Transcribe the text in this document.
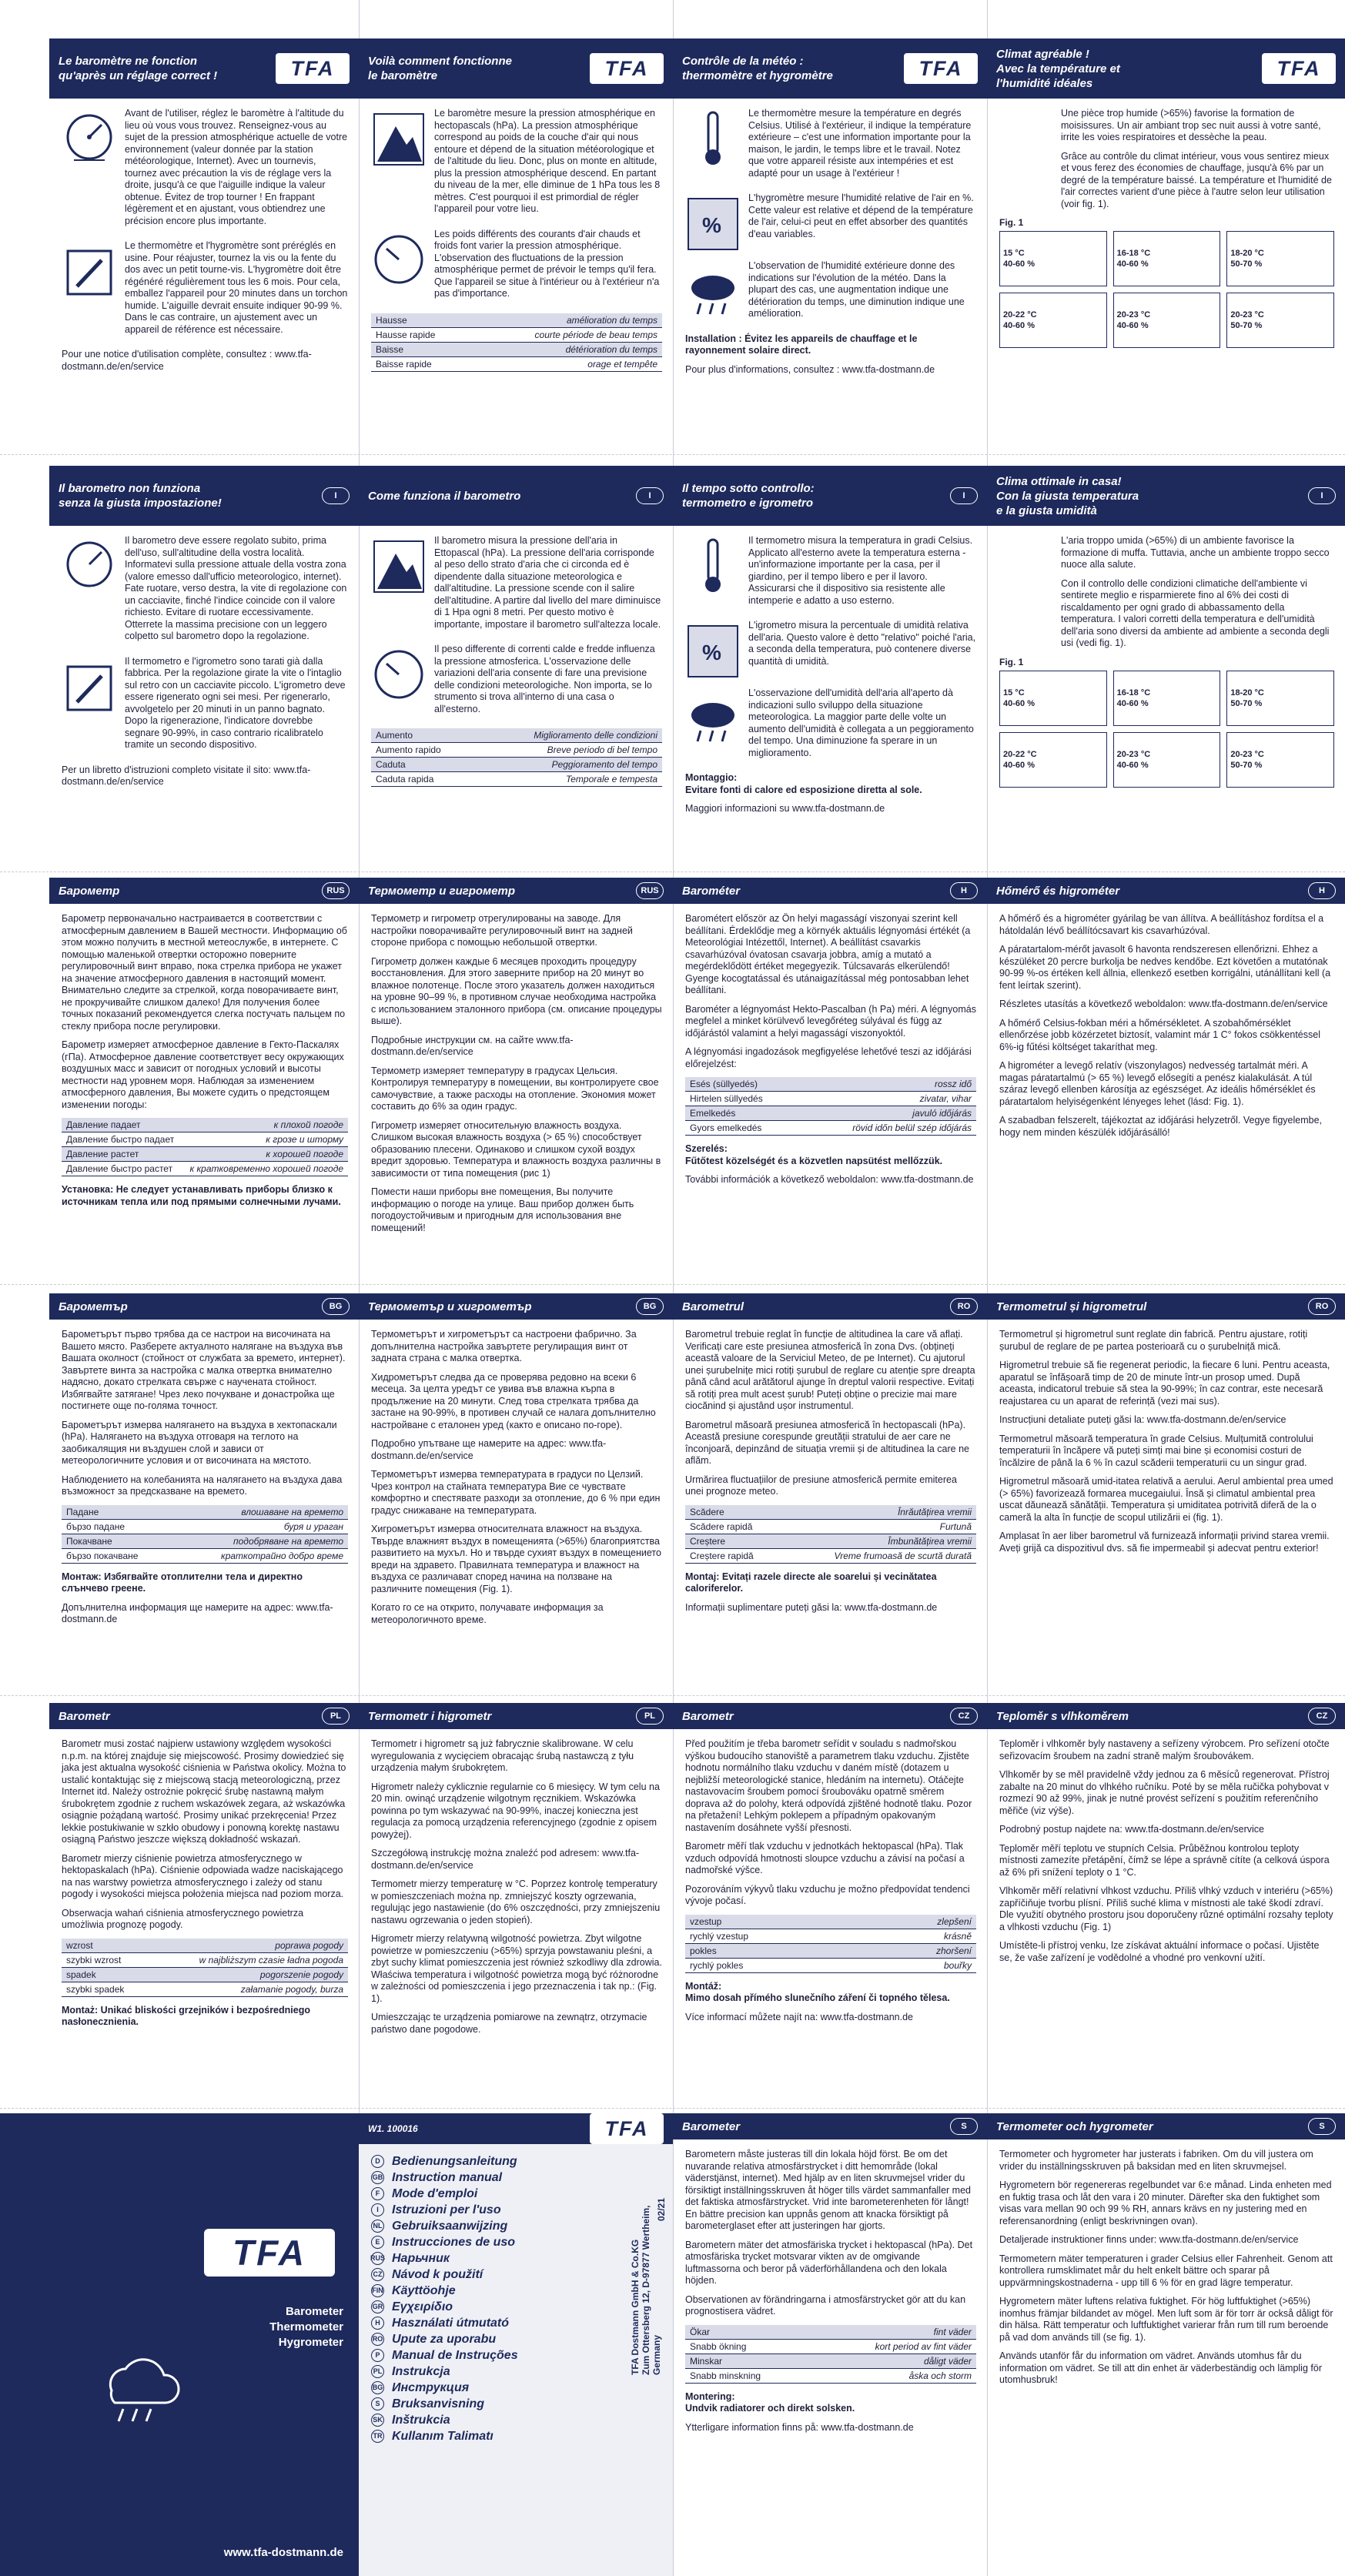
Le baromètre ne fonction
qu'après un réglage correct !	TFA

Avant de l'utiliser, réglez le baromètre à l'altitude du lieu où vous vous trouvez. Renseignez-vous au sujet de la pression atmosphérique actuelle de votre environnement (valeur donnée par la station météorologique, Internet). Avec un tournevis, tournez avec précaution la vis de réglage vers la droite, jusqu'à ce que l'aiguille indique la valeur obtenue. Évitez de trop tourner ! En frappant légèrement et en ajustant, vous obtiendrez une précision encore plus importante.

Le thermomètre et l'hygromètre sont préréglés en usine. Pour réajuster, tournez la vis ou la fente du dos avec un petit tourne-vis. L'hygromètre doit être régénéré régulièrement tous les 6 mois. Pour cela, emballez l'appareil pour 20 minutes dans un torchon humide. L'aiguille devrait ensuite indiquer 90-99 %. Dans le cas contraire, un ajustement avec un appareil de référence est nécessaire.

Pour une notice d'utilisation complète, consultez : www.tfa-dostmann.de/en/service

Voilà comment fonctionne
le baromètre	TFA

Le baromètre mesure la pression atmosphérique en hectopascals (hPa). La pression atmosphérique correspond au poids de la couche d'air qui nous entoure et dépend de la situation météorologique et de l'altitude du lieu. Donc, plus on monte en altitude, plus la pression atmosphérique descend. En partant du niveau de la mer, elle diminue de 1 hPa tous les 8 mètres. C'est pourquoi il est primordial de régler l'appareil pour votre lieu.

Les poids différents des courants d'air chauds et froids font varier la pression atmosphérique. L'observation des fluctuations de la pression atmosphérique permet de prévoir le temps qu'il fera. Que l'appareil se situe à l'intérieur ou à l'extérieur n'a pas d'importance.

Hausse	amélioration du temps
Hausse rapide	courte période de beau temps
Baisse	détérioration du temps
Baisse rapide	orage et tempête
Contrôle de la météo :
thermomètre et hygromètre	TFA

Le thermomètre mesure la température en degrés Celsius. Utilisé à l'extérieur, il indique la température extérieure – c'est une information importante pour la maison, le jardin, le temps libre et le travail. Notez que votre appareil résiste aux intempéries et est adapté pour un usage à l'extérieur !

%

L'hygromètre mesure l'humidité relative de l'air en %. Cette valeur est relative et dépend de la température de l'air, celui-ci peut en effet absorber des quantités d'eau variables.

L'observation de l'humidité extérieure donne des indications sur l'évolution de la météo. Dans la plupart des cas, une augmentation indique une détérioration du temps, une diminution indique une amélioration.

Installation : Évitez les appareils de chauffage et le rayonnement solaire direct.

Pour plus d'informations, consultez : www.tfa-dostmann.de

Climat agréable !
Avec la température et
l'humidité idéales
TFA

Une pièce trop humide (>65%) favorise la formation de moisissures. Un air ambiant trop sec nuit aussi à votre santé, irrite les voies respiratoires et dessèche la peau.

Grâce au contrôle du climat intérieur, vous vous sentirez mieux et vous ferez des économies de chauffage, jusqu'à 6% par un degré de la température baissé. La température et l'humidité de l'air correctes varient d'une pièce à l'autre selon leur utilisation (voir fig. 1).

Fig. 1
15 °C
40-60 %
16-18 °C
40-60 %
18-20 °C
50-70 %
20-22 °C
40-60 %
20-23 °C
40-60 %
20-23 °C
50-70 %
Il barometro non funziona
senza la giusta impostazione!
I

Il barometro deve essere regolato subito, prima dell'uso, sull'altitudine della vostra località. Informatevi sulla pressione attuale della vostra zona (valore emesso dall'ufficio meteorologico, internet). Fate ruotare, verso destra, la vite di regolazione con un cacciavite, finché l'indice coincide con il valore richiesto. Evitare di ruotare eccessivamente. Otterrete la massima precisione con un leggero colpetto sul barometro dopo la regolazione.

Il termometro e l'igrometro sono tarati già dalla fabbrica. Per la regolazione girate la vite o l'intaglio sul retro con un cacciavite piccolo. L'igrometro deve essere rigenerato ogni sei mesi. Per rigenerarlo, avvolgetelo per 20 minuti in un panno bagnato. Dopo la rigenerazione, l'indicatore dovrebbe segnare 90-99%, in caso contrario ricalibratelo tramite un secondo dispositivo.

Per un libretto d'istruzioni completo visitate il sito: www.tfa-dostmann.de/en/service

Come funziona il barometro	I

Il barometro misura la pressione dell'aria in Ettopascal (hPa). La pressione dell'aria corrisponde al peso dello strato d'aria che ci circonda ed è dipendente dalla situazione meteorologica e dall'altitudine. La pressione scende con il salire dell'altitudine. A partire dal livello del mare diminuisce di 1 Hpa ogni 8 metri. Per questo motivo è importante, impostare il barometro sull'altezza locale.

Il peso differente di correnti calde e fredde influenza la pressione atmosferica. L'osservazione delle variazioni dell'aria consente di fare una previsione delle condizioni meteorologiche. Non importa, se lo strumento si trova all'interno di una casa o all'esterno.

Aumento	Miglioramento delle condizioni
Aumento rapido	Breve periodo di bel tempo
Caduta	Peggioramento del tempo
Caduta rapida	Temporale e tempesta
Il tempo sotto controllo:
termometro e igrometro
I

Il termometro misura la temperatura in gradi Celsius. Applicato all'esterno avete la temperatura esterna - un'informazione importante per la casa, per il giardino, per il tempo libero e per il lavoro. Assicurarsi che il dispositivo sia resistente alle intemperie e adatto a uso esterno.

%

L'igrometro misura la percentuale di umidità relativa dell'aria. Questo valore è detto "relativo" poiché l'aria, a seconda della temperatura, può contenere diverse quantità di umidità.

L'osservazione dell'umidità dell'aria all'aperto dà indicazioni sullo sviluppo della situazione meteorologica. La maggior parte delle volte un aumento dell'umidità è collegata a un peggioramento del tempo. Una diminuzione fa sperare in un miglioramento.

Montaggio:
Evitare fonti di calore ed esposizione diretta al sole.

Maggiori informazioni su www.tfa-dostmann.de

Clima ottimale in casa!
Con la giusta temperatura
e la giusta umidità
I

L'aria troppo umida (>65%) di un ambiente favorisce la formazione di muffa. Tuttavia, anche un ambiente troppo secco nuoce alla salute.

Con il controllo delle condizioni climatiche dell'ambiente vi sentirete meglio e risparmierete fino al 6% dei costi di riscaldamento per ogni grado di abbassamento della temperatura. I valori corretti della temperatura e dell'umidità dell'aria sono diversi da ambiente ad ambiente a seconda degli usi (vedi fig. 1).

Fig. 1
15 °C
40-60 %
16-18 °C
40-60 %
18-20 °C
50-70 %
20-22 °C
40-60 %
20-23 °C
40-60 %
20-23 °C
50-70 %
Барометр	RUS

Барометр первоначально настраивается в соответствии с атмосферным давлением в Вашей местности. Информацию об этом можно получить в местной метеослужбе, в интернете. С помощью маленькой отвертки осторожно поверните регулировочный винт вправо, пока стрелка прибора не укажет на значение атмосферного давления в настоящий момент. Внимательно следите за стрелкой, когда поворачиваете винт, не прокручивайте слишком далеко! Для получения более точных показаний рекомендуется слегка постучать пальцем по стеклу прибора после регулировки.

Барометр измеряет атмосферное давление в Гекто-Паскалях (гПа). Атмосферное давление соответствует весу окружающих воздушных масс и зависит от погодных условий и высоты местности над уровнем моря. Наблюдая за изменением атмосферного давления, Вы можете судить о предстоящем изменении погоды:

Давление падает	к плохой погоде
Давление быстро падает	к грозе и шторму
Давление растет	к хорошей погоде
Давление быстро растет	к кратковременно хорошей погоде

Установка: Не следует устанавливать приборы близко к источникам тепла или под прямыми солнечными лучами.

Термометр и гигрометр	RUS

Термометр и гигрометр отрегулированы на заводе. Для настройки поворачивайте регулировочный винт на задней стороне прибора с помощью небольшой отвертки.

Гигрометр должен каждые 6 месяцев проходить процедуру восстановления. Для этого заверните прибор на 20 минут во влажное полотенце. После этого указатель должен находиться на уровне 90–99 %, в противном случае необходима настройка с использованием эталонного прибора (см. описание процедуры выше).

Подробные инструкции см. на сайте www.tfa-dostmann.de/en/service

Термометр измеряет температуру в градусах Цельсия. Контролируя температуру в помещении, вы контролируете свое самочувствие, а также расходы на отопление. Экономия может составить до 6% за один градус.

Гигрометр измеряет относительную влажность воздуха. Слишком высокая влажность воздуха (> 65 %) способствует образованию плесени. Одинаково и слишком сухой воздух вредит здоровью. Температура и влажность воздуха различны в зависимости от типа помещения (рис 1)

Помести наши приборы вне помещения, Вы получите информацию о погоде на улице. Ваш прибор должен быть погодоустойчивым и пригодным для использования вне помещений!

Barométer	H

Barométert először az Ön helyi magasságí viszonyai szerint kell beállítani. Érdeklődje meg a környék aktuális légnyomási értékét (a Meteorológiai Intézettől, Internet). A beállítást csavarkis csavarhúzóval óvatosan csavarja jobbra, amíg a mutató a megérdeklődött értéket megegyezik. Túlcsavarás elkerülendő! Gyenge kocogtatással és utánaigazítással még pontosabban lehet beállítani.

Barométer a légnyomást Hekto-Pascalban (h Pa) méri. A légnyomás megfelel a minket körülvevő levegőréteg súlyával és függ az időjárástól valamint a helyi magasságí viszonyoktól.

A légnyomási ingadozások megfigyelése lehetővé teszi az időjárási előrejelzést:

Esés (süllyedés)	rossz idő
Hirtelen süllyedés	zivatar, vihar
Emelkedés	javuló időjárás
Gyors emelkedés	rövid időn belül szép időjárás

Szerelés:
Fűtőtest közelségét és a közvetlen napsütést mellőzzük.

További információk a következő weboldalon: www.tfa-dostmann.de

Hőmérő és higrométer	H

A hőmérő és a higrométer gyárilag be van állítva. A beállításhoz fordítsa el a hátoldalán lévő beállítócsavart kis csavarhúzóval.

A páratartalom-mérőt javasolt 6 havonta rendszeresen ellenőrizni. Ehhez a készüléket 20 percre burkolja be nedves kendőbe. Ezt követően a mutatónak 90-99 %-os értéken kell állnia, ellenkező esetben korrigálni, utánállítani kell (a fent leírtak szerint).

Részletes utasítás a következő weboldalon: www.tfa-dostmann.de/en/service

A hőmérő Celsius-fokban méri a hőmérsékletet. A szobahőmérséklet ellenőrzése jobb közérzetet biztosít, valamint már 1 C° fokos csökkentéssel 6%-ig fűtési költséget takaríthat meg.

A higrométer a levegő relatív (viszonylagos) nedvesség tartalmát méri. A magas páratartalmú (> 65 %) levegő elősegíti a penész kialakulását. A túl száraz levegő ellenben károsítja az egészséget. Az ideális hőmérséklet és páratartalom helyiségenként lényeges lehet (lásd: Fig. 1).

A szabadban felszerelt, tájékoztat az időjárási helyzetről. Vegye figyelembe, hogy nem minden készülék időjárásálló!

Барометър	BG

Барометърът първо трябва да се настрои на височината на Вашето място. Разберете актуалното налягане на въздуха във Вашата околност (стойност от службата за времето, интернет). Завъртете винта за настройка с малка отвертка внимателно надясно, докато стрелката свърже с научената стойност. Избягвайте затягане! Чрез леко почукване и донастройка ще постигнете още по-голяма точност.

Барометърът измерва налягането на въздуха в хектопаскали (hPa). Налягането на въздуха отговаря на теглото на заобикалящия ни въздушен слой и зависи от метеорологичните условия и от височината на мястото.

Наблюдението на колебанията на налягането на въздуха дава възможност за предсказване на времето.

Падане	влошаване на времето
бързо падане	буря и ураган
Покачване	подобряване на времето
бързо покачване	краткотрайно добро време

Монтаж: Избягвайте отоплителни тела и директно слънчево греене.

Допълнителна информация ще намерите на адрес: www.tfa-dostmann.de

Термометър и хигрометър	BG

Термометърът и хигрометърът са настроени фабрично. За допълнителна настройка завъртете регулиращия винт от задната страна с малка отвертка.

Хидрометърът следва да се проверява редовно на всеки 6 месеца. За целта уредът се увива във влажна кърпа в продължение на 20 минути. След това стрелката трябва да застане на 90-99%, в противен случай се налага допълнително настройване с еталонен уред (както е описано по-горе).

Подробно упътване ще намерите на адрес: www.tfa-dostmann.de/en/service

Термометърът измерва температурата в градуси по Целзий. Чрез контрол на стайната температура Вие се чувствате комфортно и спестявате разходи за отопление, до 6 % при един градус снижаване на температурата.

Хигрометърът измерва относителната влажност на въздуха. Твърде влажният въздух в помещенията (>65%) благоприятства развитието на мухъл. Но и твърде сухият въздух в помещението вреди на здравето. Правилната температура и влажност на въздуха се различават според начина на ползване на различните помещения (Fig. 1).

Когато го се на открито, получавате информация за метеорологичното време.

Barometrul	RO

Barometrul trebuie reglat în funcție de altitudinea la care vă aflați. Verificați care este presiunea atmosferică în zona Dvs. (obțineți această valoare de la Serviciul Meteo, de pe Internet). Cu ajutorul unei șurubelnițe mici rotiți șurubul de reglare cu atenție spre dreapta până când acul arătătorul ajunge în dreptul valorii respective. Evitați să rotiți prea mult acest șurub! Puteți obține o precizie mai mare ciocănind și ajustând ușor instrumentul.

Barometrul măsoară presiunea atmosferică în hectopascali (hPa). Această presiune corespunde greutății stratului de aer care ne înconjoară, depinzând de situația vremii și de altitudinea la care ne aflăm.

Urmărirea fluctuațiilor de presiune atmosferică permite emiterea unei prognoze meteo.

Scădere	Înrăutățirea vremii
Scădere rapidă	Furtună
Creștere	Îmbunătățirea vremii
Creștere rapidă	Vreme frumoasă de scurtă durată

Montaj: Evitați razele directe ale soarelui și vecinătatea caloriferelor.

Informații suplimentare puteți găsi la: www.tfa-dostmann.de

Termometrul și higrometrul	RO

Termometrul și higrometrul sunt reglate din fabrică. Pentru ajustare, rotiți șurubul de reglare de pe partea posterioară cu o șurubelniță mică.

Higrometrul trebuie să fie regenerat periodic, la fiecare 6 luni. Pentru aceasta, aparatul se înfășoară timp de 20 de minute într-un prosop umed. După aceasta, indicatorul trebuie să stea la 90-99%; în caz contrar, este necesară reajustarea cu un aparat de referință (vezi mai sus).

Instrucțiuni detaliate puteți găsi la: www.tfa-dostmann.de/en/service

Termometrul măsoară temperatura în grade Celsius. Mulțumită controlului temperaturii în încăpere vă puteți simți mai bine și economisi costuri de încălzire de până la 6 % în cazul scăderii temperaturii cu un singur grad.

Higrometrul măsoară umid-itatea relativă a aerului. Aerul ambiental prea umed (> 65%) favorizează formarea mucegaiului. Însă și climatul ambiental prea uscat dăunează sănătății. Temperatura și umiditatea potrivită diferă de la o cameră la alta în funcție de scopul utilizării ei (fig. 1).

Amplasat în aer liber barometrul vă furnizează informații privind starea vremii. Aveți grijă ca dispozitivul dvs. să fie impermeabil și adecvat pentru exterior!

Barometr	PL

Barometr musi zostać najpierw ustawiony względem wysokości n.p.m. na której znajduje się miejscowość. Prosimy dowiedzieć się jaka jest aktualna wysokość ciśnienia w Państwa okolicy. Można to ustalić kontaktując się z miejscową stacją meteorologiczną, przez Internet itd. Należy ostrożnie pokręcić śrubę nastawną małym śrubokrętem zgodnie z ruchem wskazówek zegara, aż wskazówka osiągnie pożądaną wartość. Prosimy unikać przekręcenia! Przez lekkie postukiwanie w szkło obudowy i ponowną korektę nastawu osiągną Państwo jeszcze większą dokładność wskazań.

Barometr mierzy ciśnienie powietrza atmosferycznego w hektopaskalach (hPa). Ciśnienie odpowiada wadze naciskającego na nas warstwy powietrza atmosferycznego i zależy od stanu pogody i wysokości miejsca położenia miejsca nad poziom morza.

Obserwacja wahań ciśnienia atmosferycznego powietrza umożliwia prognozę pogody.

wzrost	poprawa pogody
szybki wzrost	w najbliższym czasie ładna pogoda
spadek	pogorszenie pogody
szybki spadek	załamanie pogody, burza

Montaż: Unikać bliskości grzejników i bezpośredniego nasłonecznienia.

Termometr i higrometr	PL

Termometr i higrometr są już fabrycznie skalibrowane. W celu wyregulowania z wycięciem obracając śrubą nastawczą z tyłu urządzenia małym śrubokrętem.

Higrometr należy cyklicznie regularnie co 6 miesięcy. W tym celu na 20 min. owinąć urządzenie wilgotnym ręcznikiem. Wskazówka powinna po tym wskazywać na 90-99%, inaczej konieczna jest regulacja za pomocą urządzenia referencyjnego (zgodnie z opisem powyżej).

Szczegółową instrukcję można znaleźć pod adresem: www.tfa-dostmann.de/en/service

Termometr mierzy temperaturę w °C. Poprzez kontrolę temperatury w pomieszczeniach można np. zmniejszyć koszty ogrzewania, regulując jego nastawienie (do 6% oszczędności, przy zmniejszeniu nastawu ogrzewania o jeden stopień).

Higrometr mierzy relatywną wilgotność powietrza. Zbyt wilgotne powietrze w pomieszczeniu (>65%) sprzyja powstawaniu pleśni, a zbyt suchy klimat pomieszczenia jest również szkodliwy dla zdrowia. Właściwa temperatura i wilgotność powietrza mogą być różnorodne w zależności od pomieszczenia i jego przeznaczenia i tak np.: (Fig. 1).

Umieszczając te urządzenia pomiarowe na zewnątrz, otrzymacie państwo dane pogodowe.

Barometr	CZ

Před použitím je třeba barometr seřídit v souladu s nadmořskou výškou budoucího stanoviště a parametrem tlaku vzduchu. Zjistěte hodnotu normálního tlaku vzduchu v daném místě (dotazem u nejbližší meteorologické stanice, hledáním na internetu). Otáčejte nastavovacím šroubem pomocí šroubováku opatrně směrem doprava až do polohy, která odpovídá zjištěné hodnotě tlaku. Pozor na přetažení! Lehkým poklepem a případným opakovaným nastavením dosáhnete vyšší přesnosti.

Barometr měří tlak vzduchu v jednotkách hektopascal (hPa). Tlak vzduch odpovídá hmotnosti sloupce vzduchu a závisí na počasí a nadmořské výšce.

Pozorováním výkyvů tlaku vzduchu je možno předpovídat tendenci vývoje počasí.

vzestup	zlepšení
rychlý vzestup	krásně
pokles	zhoršení
rychlý pokles	bouřky

Montáž:
Mimo dosah přímého slunečního záření či topného tělesa.

Více informací můžete najít na: www.tfa-dostmann.de

Teploměr s vlhkoměrem	CZ

Teploměr i vlhkoměr byly nastaveny a seřízeny výrobcem. Pro seřízení otočte seřizovacím šroubem na zadní straně malým šroubovákem.

Vlhkoměr by se měl pravidelně vždy jednou za 6 měsíců regenerovat. Přístroj zabalte na 20 minut do vlhkého ručníku. Poté by se měla ručička pohybovat v rozmezí 90 až 99%, jinak je nutné provést seřízení s použitím referenčního měřiče (viz výše).

Podrobný postup najdete na: www.tfa-dostmann.de/en/service

Teploměr měří teplotu ve stupních Celsia. Průběžnou kontrolou teploty místnosti zamezíte přetápění, čímž se lépe a správně cítíte (a celková úspora až 6% při snížení teploty o 1 °C.

Vlhkoměr měří relativní vlhkost vzduchu. Příliš vlhký vzduch v interiéru (>65%) zapříčiňuje tvorbu plísní. Příliš suché klima v místnosti ale také škodí zdraví. Dle využití obytného prostoru jsou doporučeny různé optimální rozsahy teploty a vlhkosti vzduchu (Fig. 1)

Umístěte-li přístroj venku, lze získávat aktuální informace o počasí. Ujistěte se, že vaše zařízení je vodědolné a vhodné pro venkovní užití.

TFA
Barometer
Thermometer
Hygrometer
www.tfa-dostmann.de
W1. 100016	TFA
D Bedienungsanleitung
GB Instruction manual
F Mode d'emploi
I	Istruzioni per l'uso
NL Gebruiksaanwijzing
E Instrucciones de uso
RUS Нaрьчник
CZ Návod k použití
FIN Käyttöohje
GR Εγχειρίδιο
H Használati útmutató
RO Upute za uporabu
P Manual de Instruções
PL Instrukcja
BG Инструкция
S Bruksanvisning
SK Inštrukcia
TR Kullanım Talimatı
TFA Dostmann GmbH & Co.KG
Zum Ottersberg 12, D-97877 Wertheim, Germany
02/21
Barometer	S

Barometern måste justeras till din lokala höjd först. Be om det nuvarande relativa atmosfärstrycket i ditt hemområde (lokal väderstjänst, internet). Med hjälp av en liten skruvmejsel vrider du försiktigt inställningsskruven åt höger tills värdet sammanfaller med det faktiska atmosfärstrycket. Vrid inte barometerenheten för långt! En bättre precision kan uppnås genom att knacka försiktigt på barometerglaset efter att justeringen har gjorts.

Barometern mäter det atmosfäriska trycket i hektopascal (hPa). Det atmosfäriska trycket motsvarar vikten av de omgivande luftmassorna och beror på väderförhållandena och den lokala höjden.

Observationen av förändringarna i atmosfärstrycket gör att du kan prognostisera vädret.

Ökar	fint väder
Snabb ökning	kort period av fint väder
Minskar	dåligt väder
Snabb minskning	åska och storm

Montering:
Undvik radiatorer och direkt solsken.

Ytterligare information finns på: www.tfa-dostmann.de

Termometer och hygrometer	S

Termometer och hygrometer har justerats i fabriken. Om du vill justera om vrider du inställningsskruven på baksidan med en liten skruvmejsel.

Hygrometern bör regenereras regelbundet var 6:e månad. Linda enheten med en fuktig trasa och låt den vara i 20 minuter. Därefter ska den fuktighet som visas vara mellan 90 och 99 % RH, annars krävs en ny justering med en referensanordning (enligt beskrivningen ovan).

Detaljerade instruktioner finns under: www.tfa-dostmann.de/en/service

Termometern mäter temperaturen i grader Celsius eller Fahrenheit. Genom att kontrollera rumsklimatet mår du helt enkelt bättre och sparar på uppvärmningskostnaderna - upp till 6 % för en grad lägre temperatur.

Hygrometern mäter luftens relativa fuktighet. För hög luftfuktighet (>65%) inomhus främjar bildandet av mögel. Men luft som är för torr är också dåligt för din hälsa. Rätt temperatur och luftfuktighet varierar från rum till rum beroende på vad dom används till (se fig. 1).

Används utanför får du information om vädret. Används utomhus får du information om vädret. Se till att din enhet är väderbeständig och lämplig för utomhusbruk!
